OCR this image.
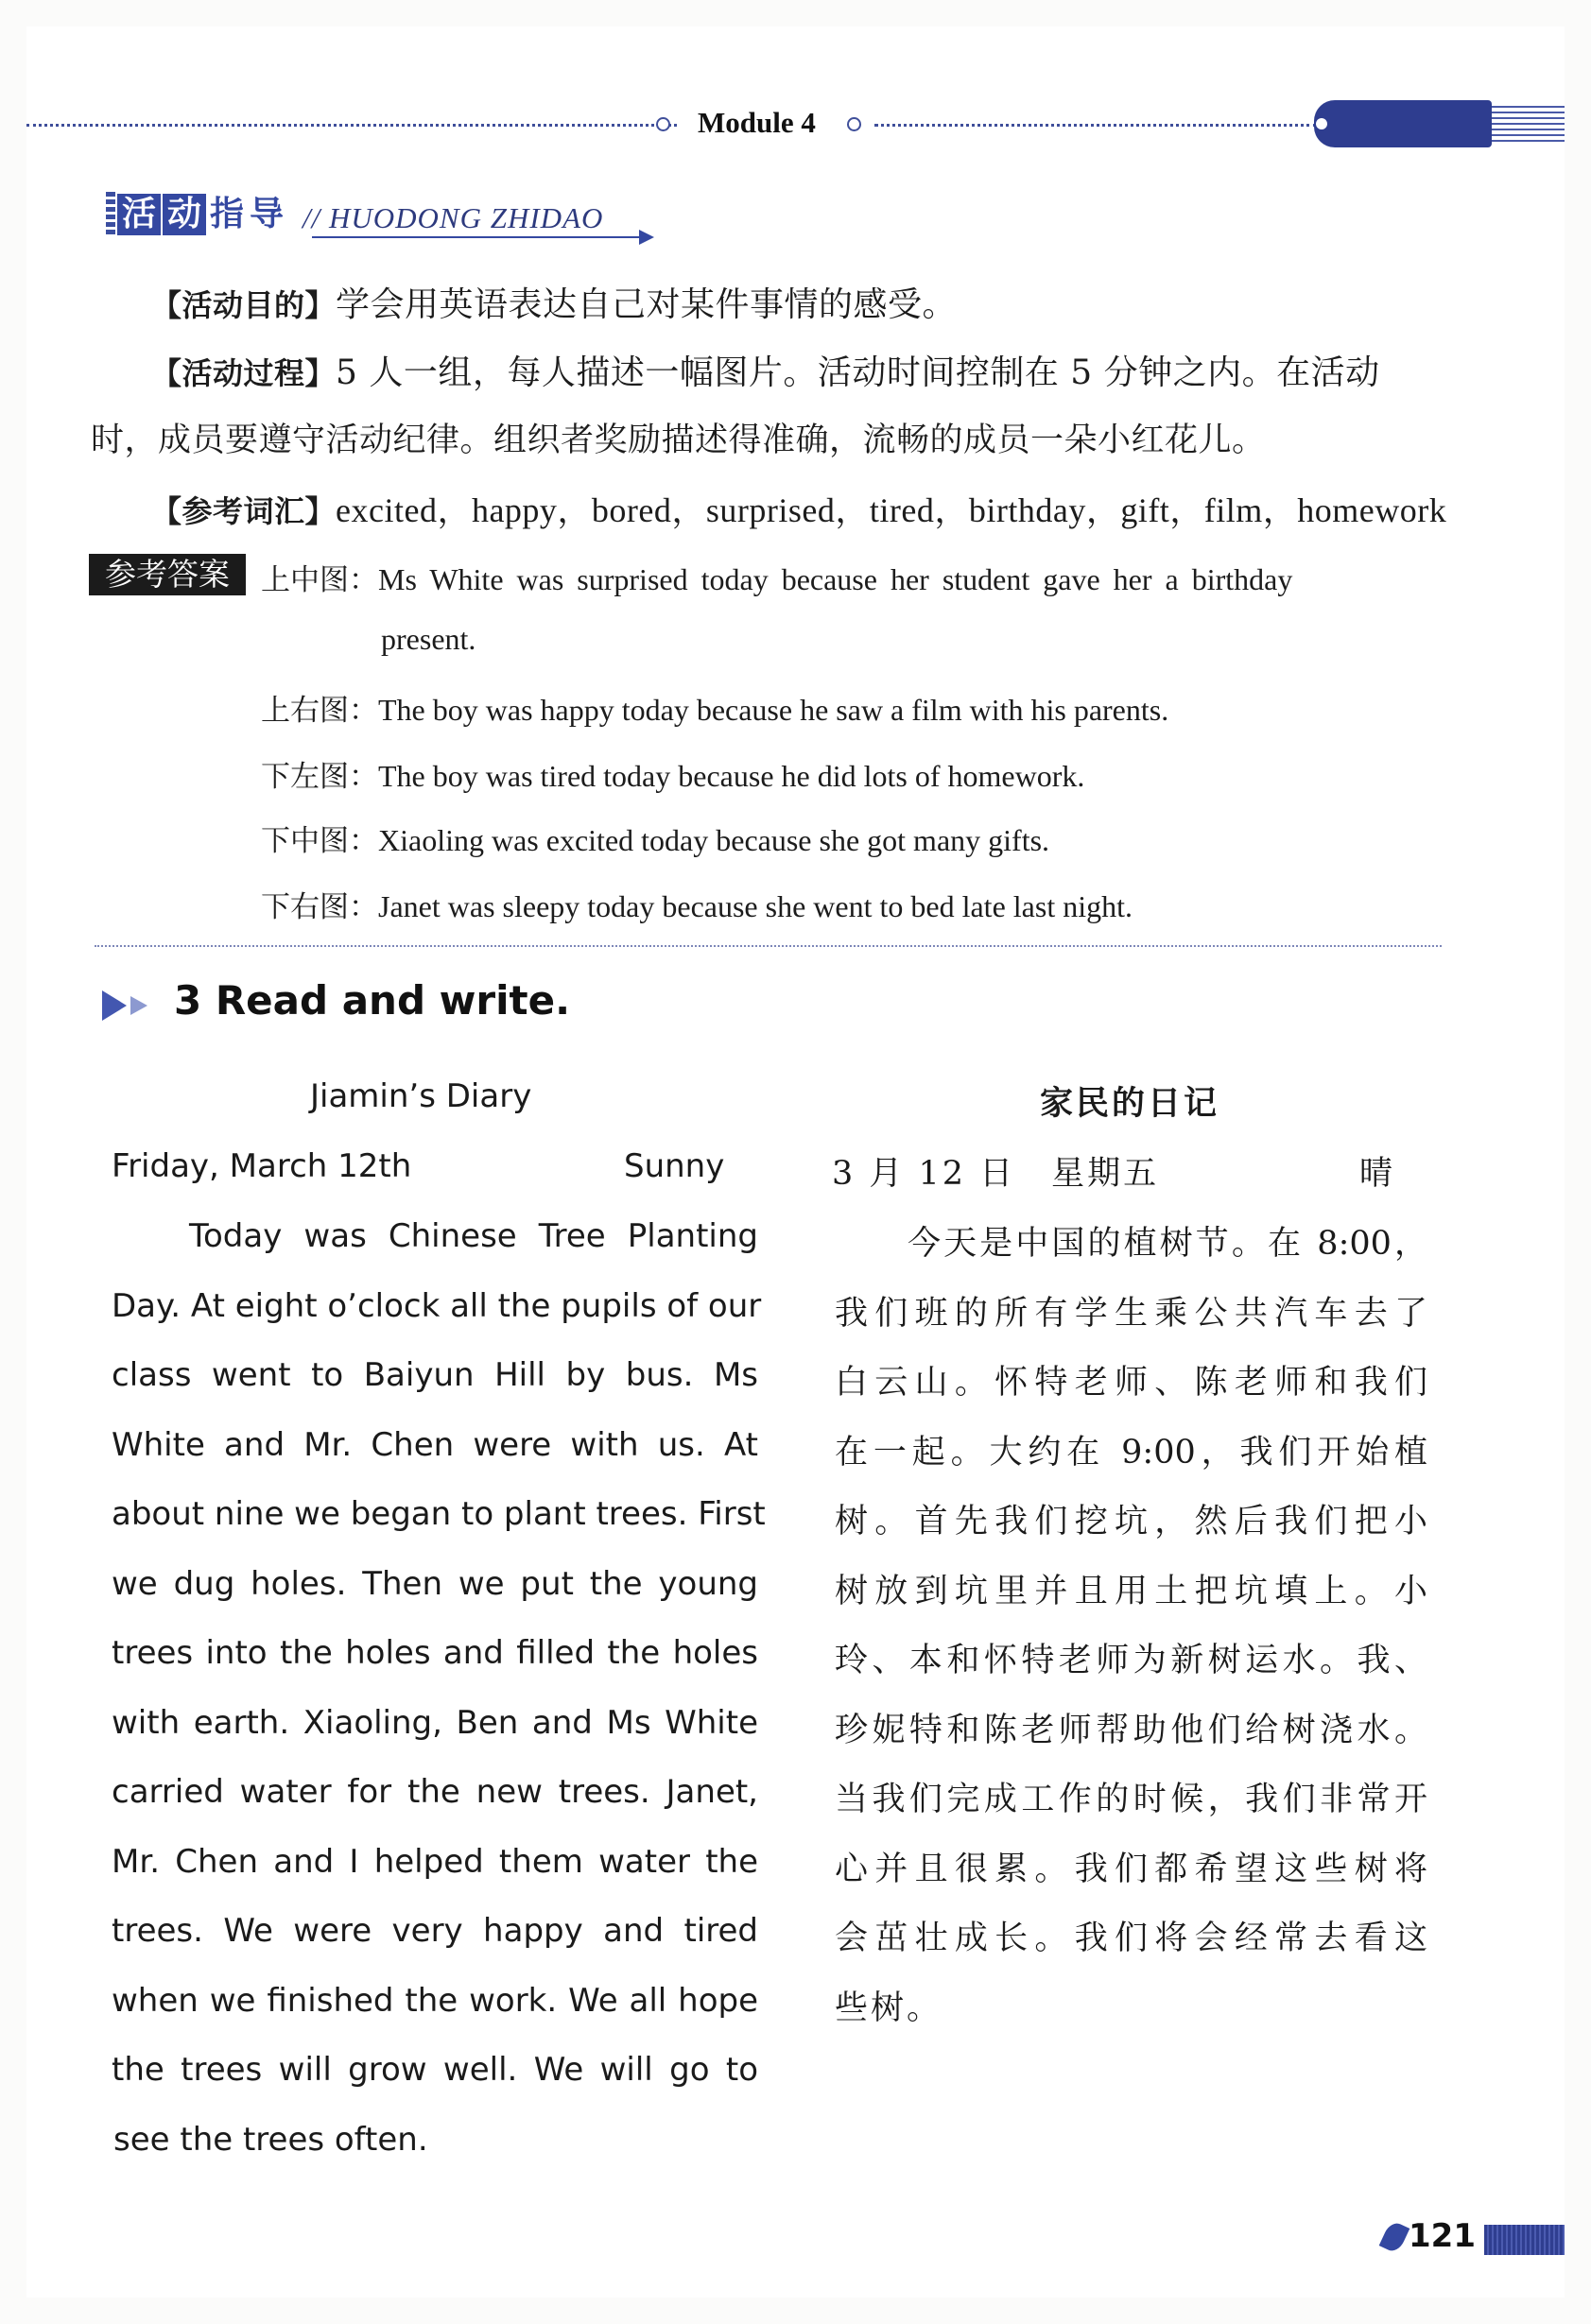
Module 4
活 动 指 导 // HUODONG ZHIDAO
【活动目的】学会用英语表达自己对某件事情的感受。
【活动过程】5 人一组，每人描述一幅图片。活动时间控制在 5 分钟之内。在活动
时，成员要遵守活动纪律。组织者奖励描述得准确，流畅的成员一朵小红花儿。
【参考词汇】excited，happy，bored，surprised，tired，birthday，gift，film，homework
参考答案	上中图：Ms White was surprised today because her student gave her a birthday
present.
上右图：The boy was happy today because he saw a film with his parents.
下左图：The boy was tired today because he did lots of homework.
下中图：Xiaoling was excited today because she got many gifts.
下右图：Janet was sleepy today because she went to bed late last night.
3 Read and write.
Jiamin’s Diary
Friday, March 12th	Sunny
Today was Chinese Tree Planting
Day. At eight o’clock all the pupils of our
class went to Baiyun Hill by bus. Ms
White and Mr. Chen were with us. At
about nine we began to plant trees. First
we dug holes. Then we put the young
trees into the holes and filled the holes
with earth. Xiaoling, Ben and Ms White
carried water for the new trees. Janet,
Mr. Chen and I helped them water the
trees. We were very happy and tired
when we finished the work. We all hope
the trees will grow well. We will go to
see the trees often.
家民的日记
3 月 12 日　星期五	晴
今天是中国的植树节。在 8:00，
我们班的所有学生乘公共汽车去了
白云山。怀特老师、陈老师和我们
在一起。大约在 9:00，我们开始植
树。首先我们挖坑，然后我们把小
树放到坑里并且用土把坑填上。小
玲、本和怀特老师为新树运水。我、
珍妮特和陈老师帮助他们给树浇水。
当我们完成工作的时候，我们非常开
心并且很累。我们都希望这些树将
会茁壮成长。我们将会经常去看这
些树。
121
